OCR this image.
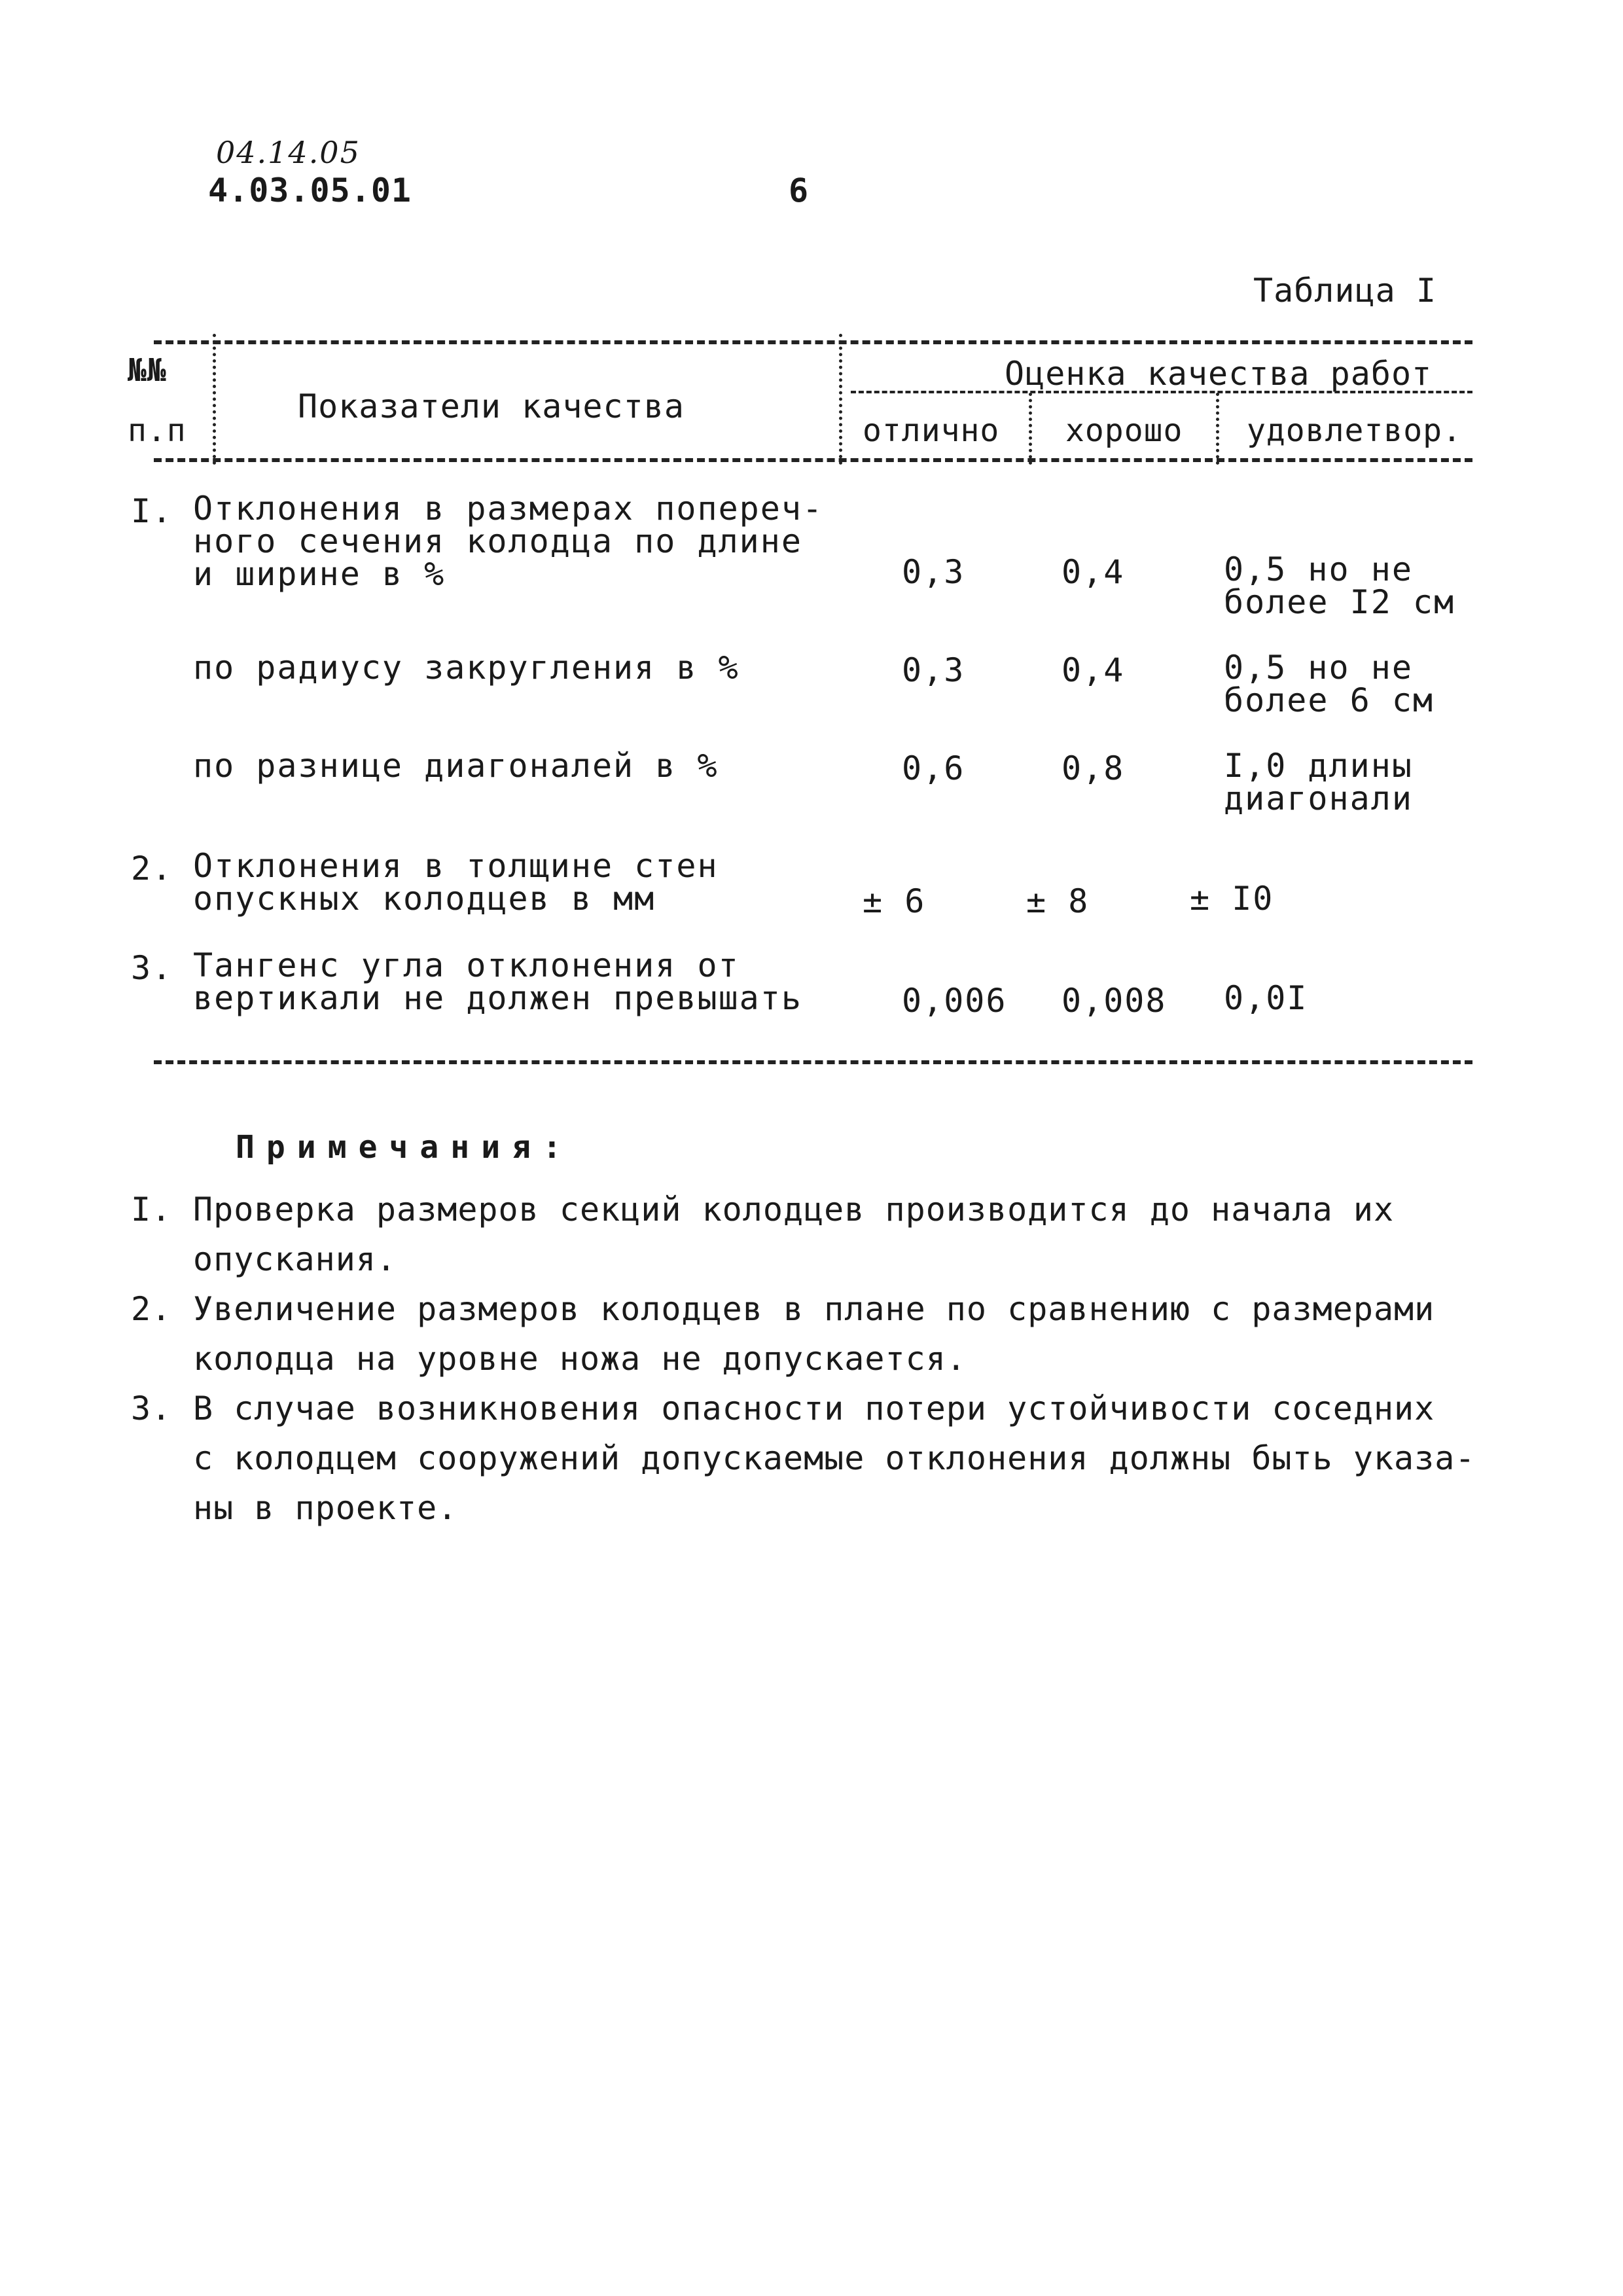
04.14.05
4.03.05.01	6
Таблица I
№№
п.п
Показатели качества
Оценка качества работ
отлично хорошо удовлетвор.
I. Отклонения в размерах попереч-
ного сечения колодца по длине
и ширине в %	0,3	0,4	0,5 но не
более I2 см
по радиусу закругления в %	0,3	0,4	0,5 но не
более 6 см
по разнице диагоналей в %	0,6	0,8	I,0 длины
диагонали
2. Отклонения в толщине стен
опускных колодцев в мм	± 6	± 8	± I0
3. Тангенс угла отклонения от
вертикали не должен превышать	0,006 0,008 0,0I
Примечания:
I. Проверка размеров секций колодцев производится до начала их
опускания.
2. Увеличение размеров колодцев в плане по сравнению с размерами
колодца на уровне ножа не допускается.
3. В случае возникновения опасности потери устойчивости соседних
с колодцем сооружений допускаемые отклонения должны быть указа-
ны в проекте.
